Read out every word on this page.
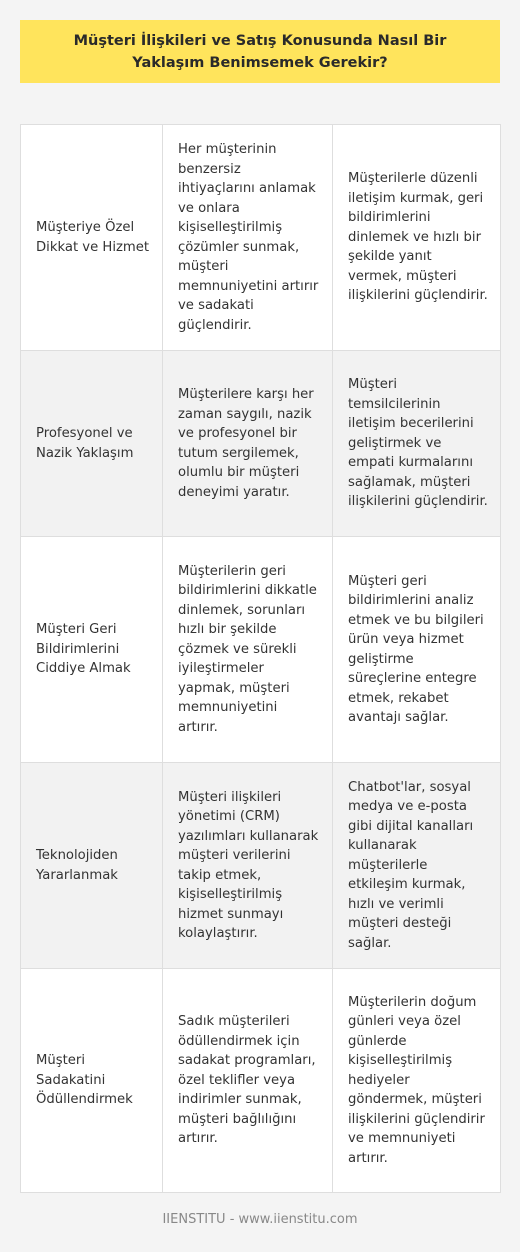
Müşteri İlişkileri ve Satış Konusunda Nasıl Bir Yaklaşım Benimsemek Gerekir?
Müşteriye Özel Dikkat ve Hizmet	Her müşterinin benzersiz ihtiyaçlarını anlamak ve onlara kişiselleştirilmiş çözümler sunmak, müşteri memnuniyetini artırır ve sadakati güçlendirir.	Müşterilerle düzenli iletişim kurmak, geri bildirimlerini dinlemek ve hızlı bir şekilde yanıt vermek, müşteri ilişkilerini güçlendirir.
Profesyonel ve Nazik Yaklaşım	Müşterilere karşı her zaman saygılı, nazik ve profesyonel bir tutum sergilemek, olumlu bir müşteri deneyimi yaratır.	Müşteri temsilcilerinin iletişim becerilerini geliştirmek ve empati kurmalarını sağlamak, müşteri ilişkilerini güçlendirir.
Müşteri Geri Bildirimlerini Ciddiye Almak	Müşterilerin geri bildirimlerini dikkatle dinlemek, sorunları hızlı bir şekilde çözmek ve sürekli iyileştirmeler yapmak, müşteri memnuniyetini artırır.	Müşteri geri bildirimlerini analiz etmek ve bu bilgileri ürün veya hizmet geliştirme süreçlerine entegre etmek, rekabet avantajı sağlar.
Teknolojiden Yararlanmak	Müşteri ilişkileri yönetimi (CRM) yazılımları kullanarak müşteri verilerini takip etmek, kişiselleştirilmiş hizmet sunmayı kolaylaştırır.	Chatbot'lar, sosyal medya ve e-posta gibi dijital kanalları kullanarak müşterilerle etkileşim kurmak, hızlı ve verimli müşteri desteği sağlar.
Müşteri Sadakatini Ödüllendirmek	Sadık müşterileri ödüllendirmek için sadakat programları, özel teklifler veya indirimler sunmak, müşteri bağlılığını artırır.	Müşterilerin doğum günleri veya özel günlerde kişiselleştirilmiş hediyeler göndermek, müşteri ilişkilerini güçlendirir ve memnuniyeti artırır.
IIENSTITU - www.iienstitu.com
